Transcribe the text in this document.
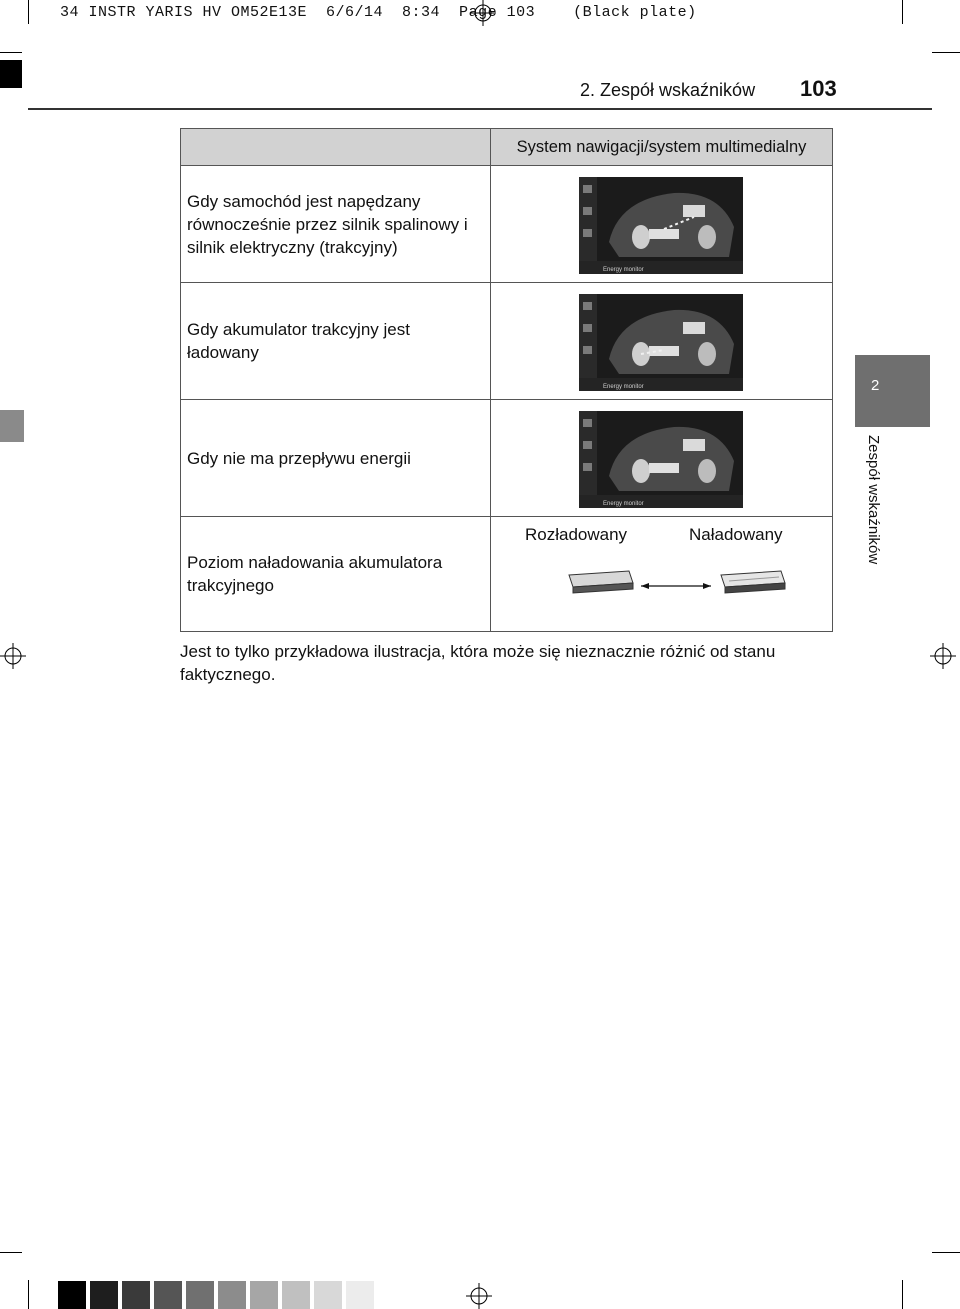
34 INSTR YARIS HV OM52E13E  6/6/14  8:34  Page 103    (Black plate)
2. Zespół wskaźników 103
2
Zespół wskaźników
	System nawigacji/system multimedialny
Gdy samochód jest napędzany równocześnie przez silnik spalinowy i silnik elektryczny (trakcyjny)	Energy monitor

Gdy akumulator trakcyjny jest ładowany	Energy monitor

Gdy nie ma przepływu energii	Energy monitor

Poziom naładowania akumulatora trakcyjnego	Rozładowany Naładowany
Jest to tylko przykładowa ilustracja, która może się nieznacznie różnić od stanu faktycznego.
